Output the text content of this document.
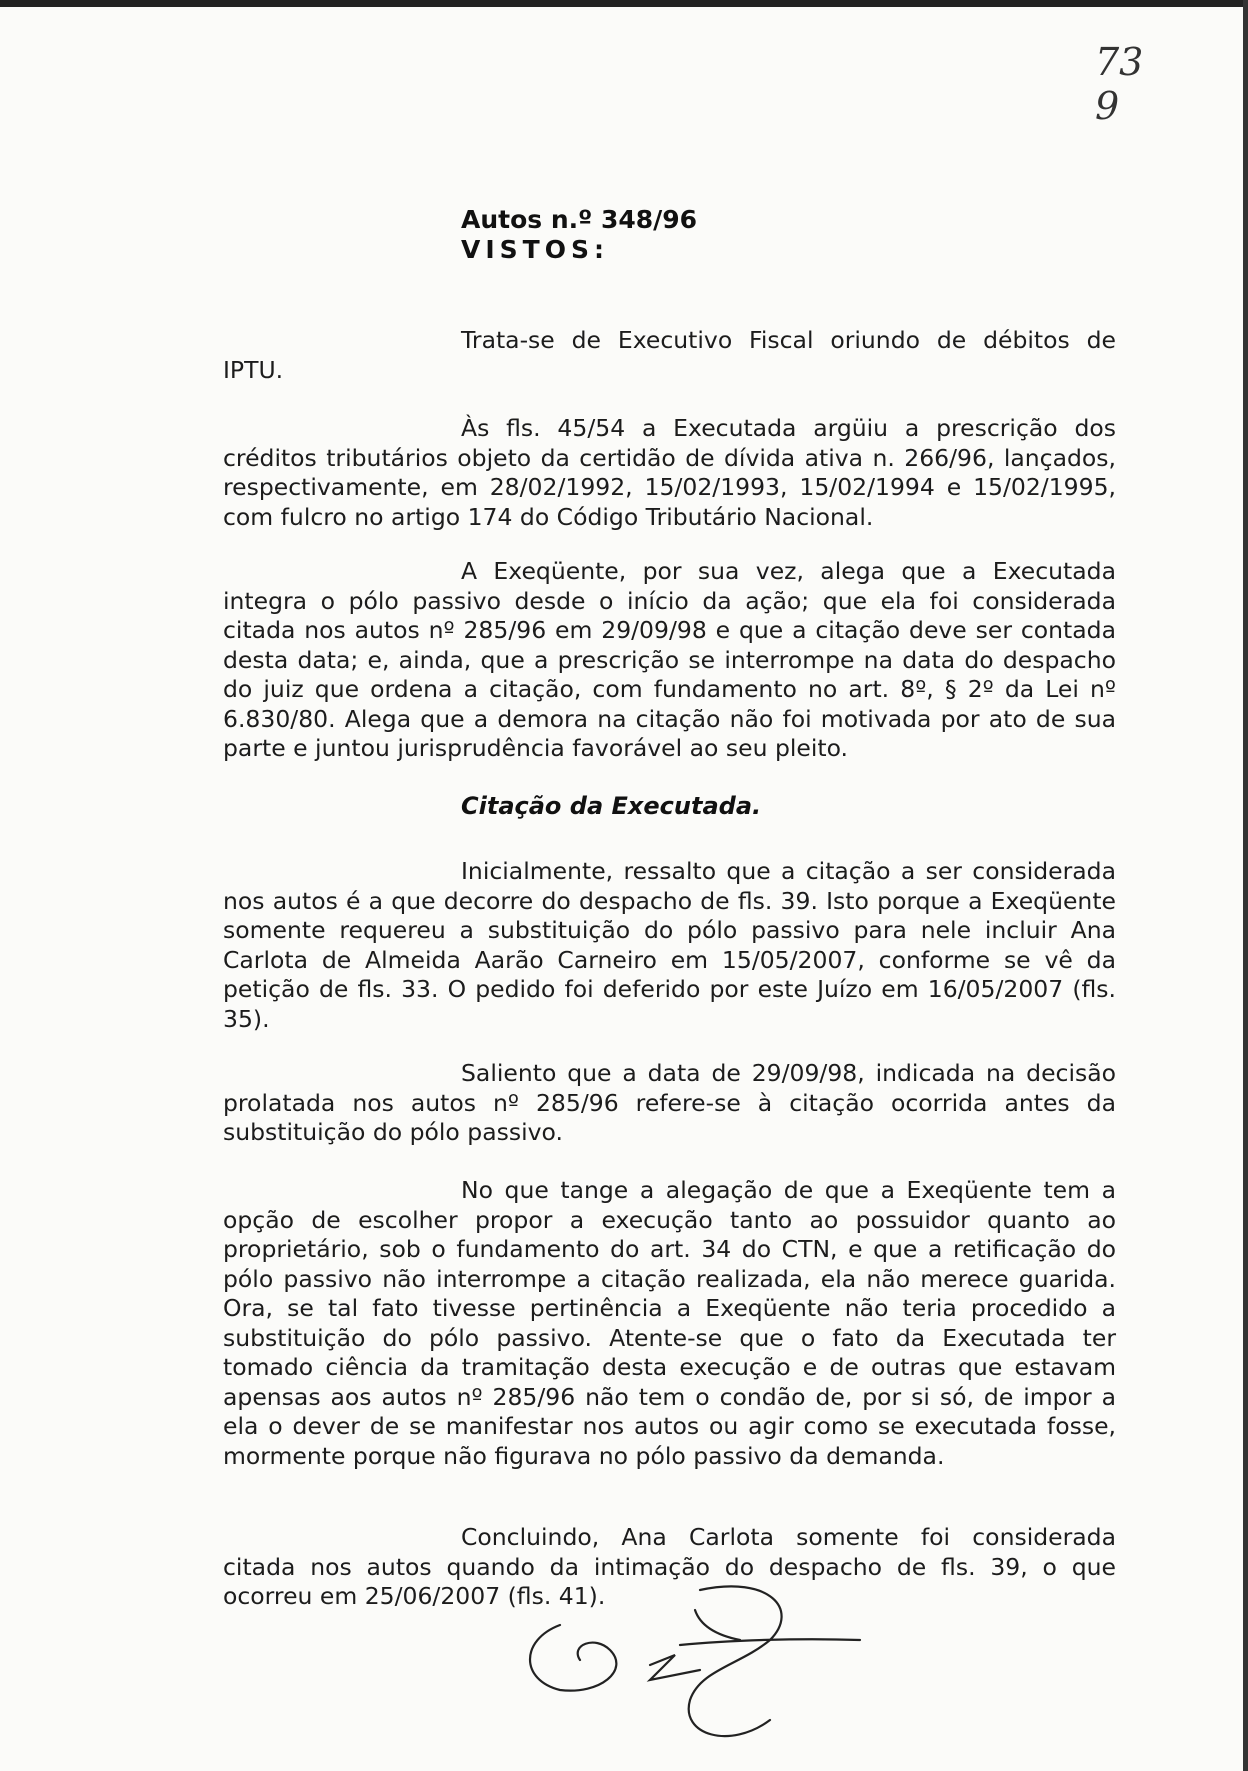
73
9
Autos n.º 348/96
VISTOS:

Trata-se de Executivo Fiscal oriundo de débitos de IPTU.

Às fls. 45/54 a Executada argüiu a prescrição dos créditos tributários objeto da certidão de dívida ativa n. 266/96, lançados, respectivamente, em 28/02/1992, 15/02/1993, 15/02/1994 e 15/02/1995, com fulcro no artigo 174 do Código Tributário Nacional.

A Exeqüente, por sua vez, alega que a Executada integra o pólo passivo desde o início da ação; que ela foi considerada citada nos autos nº 285/96 em 29/09/98 e que a citação deve ser contada desta data; e, ainda, que a prescrição se interrompe na data do despacho do juiz que ordena a citação, com fundamento no art. 8º, § 2º da Lei nº 6.830/80. Alega que a demora na citação não foi motivada por ato de sua parte e juntou jurisprudência favorável ao seu pleito.

Citação da Executada.

Inicialmente, ressalto que a citação a ser considerada nos autos é a que decorre do despacho de fls. 39. Isto porque a Exeqüente somente requereu a substituição do pólo passivo para nele incluir Ana Carlota de Almeida Aarão Carneiro em 15/05/2007, conforme se vê da petição de fls. 33. O pedido foi deferido por este Juízo em 16/05/2007 (fls. 35).

Saliento que a data de 29/09/98, indicada na decisão prolatada nos autos nº 285/96 refere-se à citação ocorrida antes da substituição do pólo passivo.

No que tange a alegação de que a Exeqüente tem a opção de escolher propor a execução tanto ao possuidor quanto ao proprietário, sob o fundamento do art. 34 do CTN, e que a retificação do pólo passivo não interrompe a citação realizada, ela não merece guarida. Ora, se tal fato tivesse pertinência a Exeqüente não teria procedido a substituição do pólo passivo. Atente-se que o fato da Executada ter tomado ciência da tramitação desta execução e de outras que estavam apensas aos autos nº 285/96 não tem o condão de, por si só, de impor a ela o dever de se manifestar nos autos ou agir como se executada fosse, mormente porque não figurava no pólo passivo da demanda.

Concluindo, Ana Carlota somente foi considerada citada nos autos quando da intimação do despacho de fls. 39, o que ocorreu em 25/06/2007 (fls. 41).
